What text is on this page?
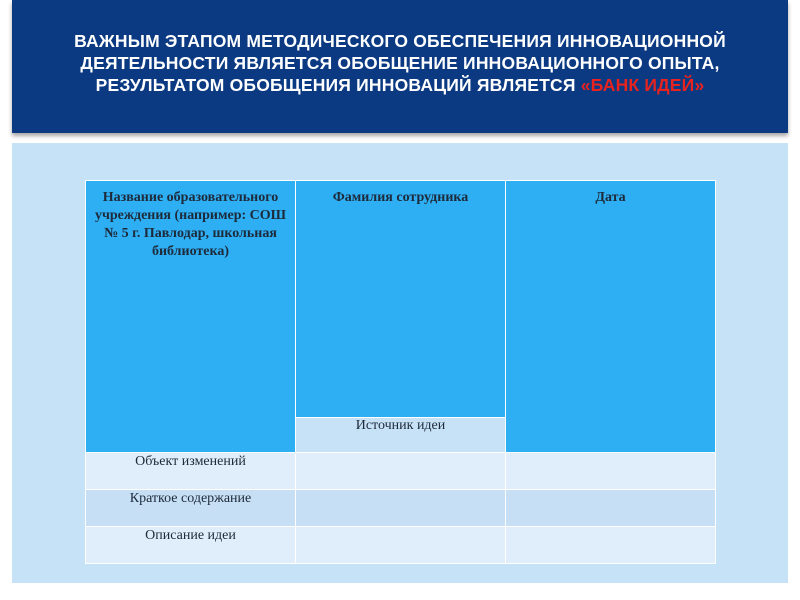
ВАЖНЫМ ЭТАПОМ МЕТОДИЧЕСКОГО ОБЕСПЕЧЕНИЯ ИННОВАЦИОННОЙ ДЕЯТЕЛЬНОСТИ ЯВЛЯЕТСЯ ОБОБЩЕНИЕ ИННОВАЦИОННОГО ОПЫТА, РЕЗУЛЬТАТОМ ОБОБЩЕНИЯ ИННОВАЦИЙ ЯВЛЯЕТСЯ «БАНК ИДЕЙ»

Название образовательного учреждения (например: СОШ № 5 г. Павлодар, школьная библиотека)	Фамилия сотрудника	Дата
	Источник идеи	
Объект изменений		
Краткое содержание		
Описание идеи		
